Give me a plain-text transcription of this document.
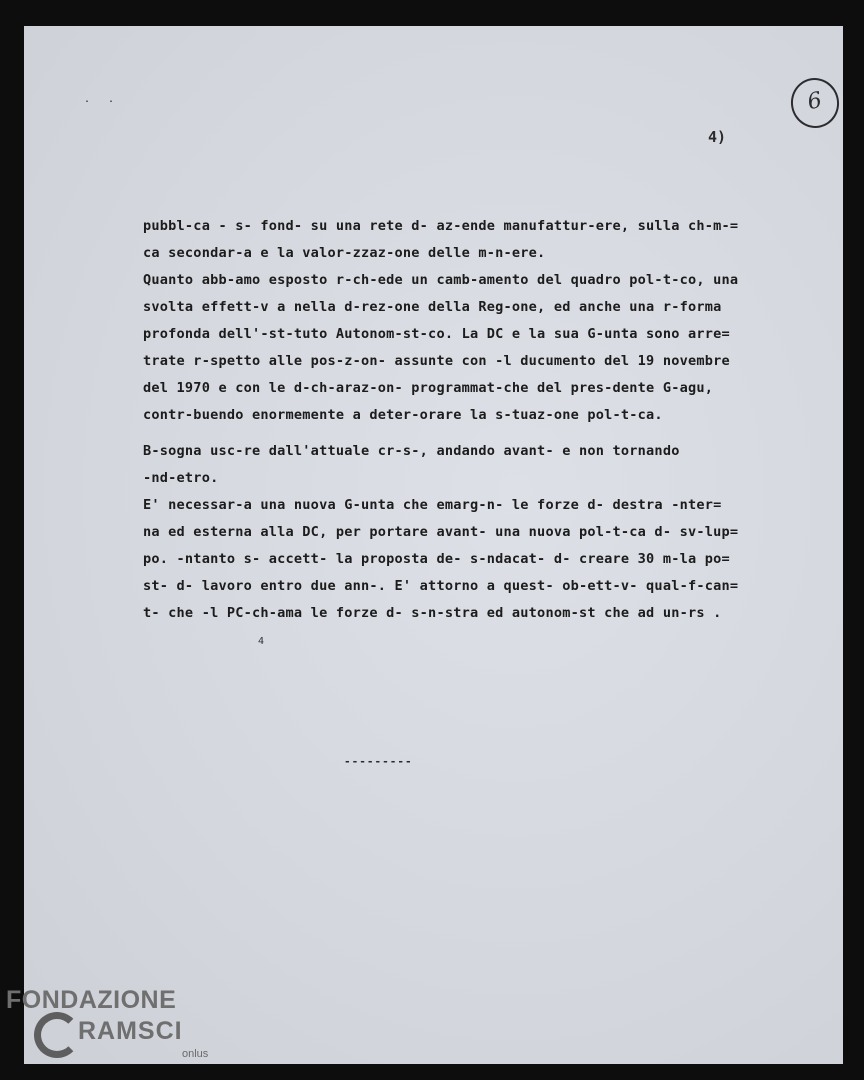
. .	6
4)
pubbl-ca - s- fond- su una rete d- az-ende manufattur-ere, sulla ch-m-=
ca secondar-a e la valor-zzaz-one delle m-n-ere.
Quanto abb-amo esposto r-ch-ede un camb-amento del quadro pol-t-co, una
svolta effett-v a nella d-rez-one della Reg-one, ed anche una r-forma
profonda dell'-st-tuto Autonom-st-co. La DC e la sua G-unta sono arre=
trate r-spetto alle pos-z-on- assunte con -l ducumento del 19 novembre
del 1970 e con le d-ch-araz-on- programmat-che del pres-dente G-agu,
contr-buendo enormemente a deter-orare la s-tuaz-one pol-t-ca.
B-sogna usc-re dall'attuale cr-s-, andando avant- e non tornando
-nd-etro.
E' necessar-a una nuova G-unta che emarg-n- le forze d- destra -nter=
na ed esterna alla DC, per portare avant- una nuova pol-t-ca d- sv-lup=
po. -ntanto s- accett- la proposta de- s-ndacat- d- creare 30 m-la po=
st- d- lavoro entro due ann-. E' attorno a quest- ob-ett-v- qual-f-can=
t- che -l PC-ch-ama le forze d- s-n-stra ed autonom-st che ad un-rs .
4
---------
FONDAZIONE
RAMSCI
onlus
